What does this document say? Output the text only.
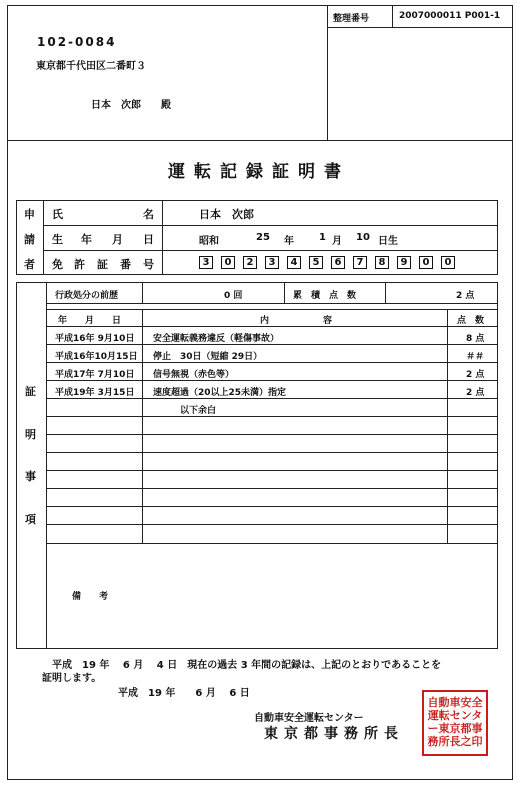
整理番号	2007000011 P001-1
102-0084
東京都千代田区二番町３
日本　次郎　　殿
運転記録証明書
申
請
者
氏	名	日本　次郎
生 年 月 日	昭和	25 年	1 月 10 日生
免 許 証 番 号	3	0	2	3	4	5	6	7	8	9	0	0
証
明
事
項
行政処分の前歴	0 回	累　積　点　数	2 点
年　　月　　日	内　　　　　　容	点　数
平成16年 9月10日 安全運転義務違反（軽傷事故）	8 点
平成16年10月15日 停止　30日（短縮 29日）	＃＃
平成17年 7月10日 信号無視（赤色等）	2 点
平成19年 3月15日 速度超過（20以上25未満）指定	2 点
以下余白
備　　考
平成　19 年　 6 月　 4 日　現在の過去 3 年間の記録は、上記のとおりであることを
証明します。
平成　19 年　　6 月　 6 日
自動車安全運転センター
東京都事務所長
自動車安全運転センター東京都事務所長之印
